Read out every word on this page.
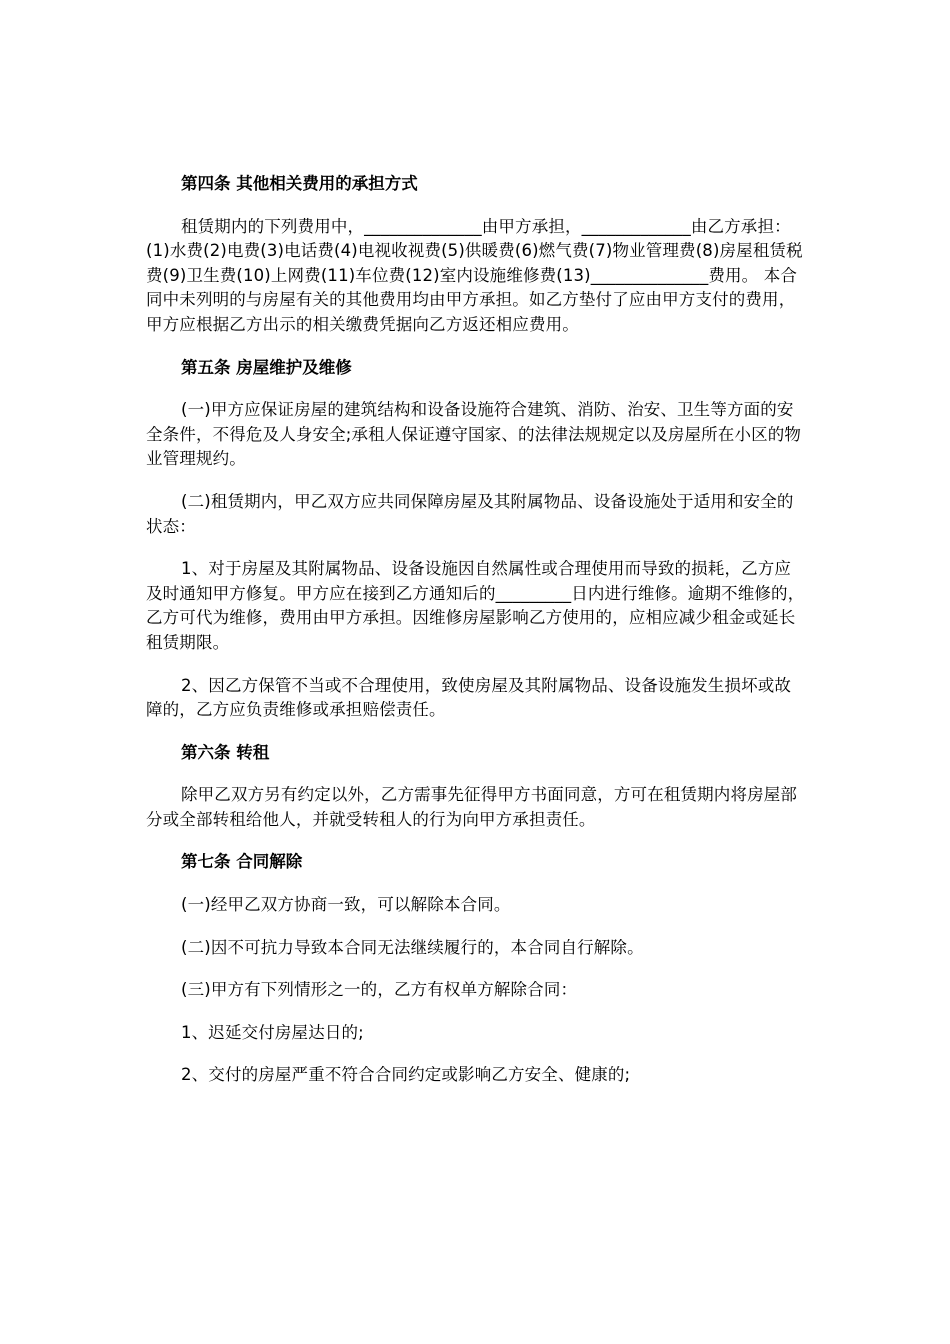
第四条 其他相关费用的承担方式
租赁期内的下列费用中，______________由甲方承担，_____________由乙方承担：(1)水费(2)电费(3)电话费(4)电视收视费(5)供暖费(6)燃气费(7)物业管理费(8)房屋租赁税费(9)卫生费(10)上网费(11)车位费(12)室内设施维修费(13)______________费用。 本合同中未列明的与房屋有关的其他费用均由甲方承担。如乙方垫付了应由甲方支付的费用，甲方应根据乙方出示的相关缴费凭据向乙方返还相应费用。
第五条 房屋维护及维修
(一)甲方应保证房屋的建筑结构和设备设施符合建筑、消防、治安、卫生等方面的安全条件，不得危及人身安全;承租人保证遵守国家、的法律法规规定以及房屋所在小区的物业管理规约。
(二)租赁期内，甲乙双方应共同保障房屋及其附属物品、设备设施处于适用和安全的状态：
1、对于房屋及其附属物品、设备设施因自然属性或合理使用而导致的损耗，乙方应及时通知甲方修复。甲方应在接到乙方通知后的_________日内进行维修。逾期不维修的，乙方可代为维修，费用由甲方承担。因维修房屋影响乙方使用的，应相应减少租金或延长租赁期限。
2、因乙方保管不当或不合理使用，致使房屋及其附属物品、设备设施发生损坏或故障的，乙方应负责维修或承担赔偿责任。
第六条 转租
除甲乙双方另有约定以外，乙方需事先征得甲方书面同意，方可在租赁期内将房屋部分或全部转租给他人，并就受转租人的行为向甲方承担责任。
第七条 合同解除
(一)经甲乙双方协商一致，可以解除本合同。
(二)因不可抗力导致本合同无法继续履行的，本合同自行解除。
(三)甲方有下列情形之一的，乙方有权单方解除合同：
1、迟延交付房屋达日的;
2、交付的房屋严重不符合合同约定或影响乙方安全、健康的;
